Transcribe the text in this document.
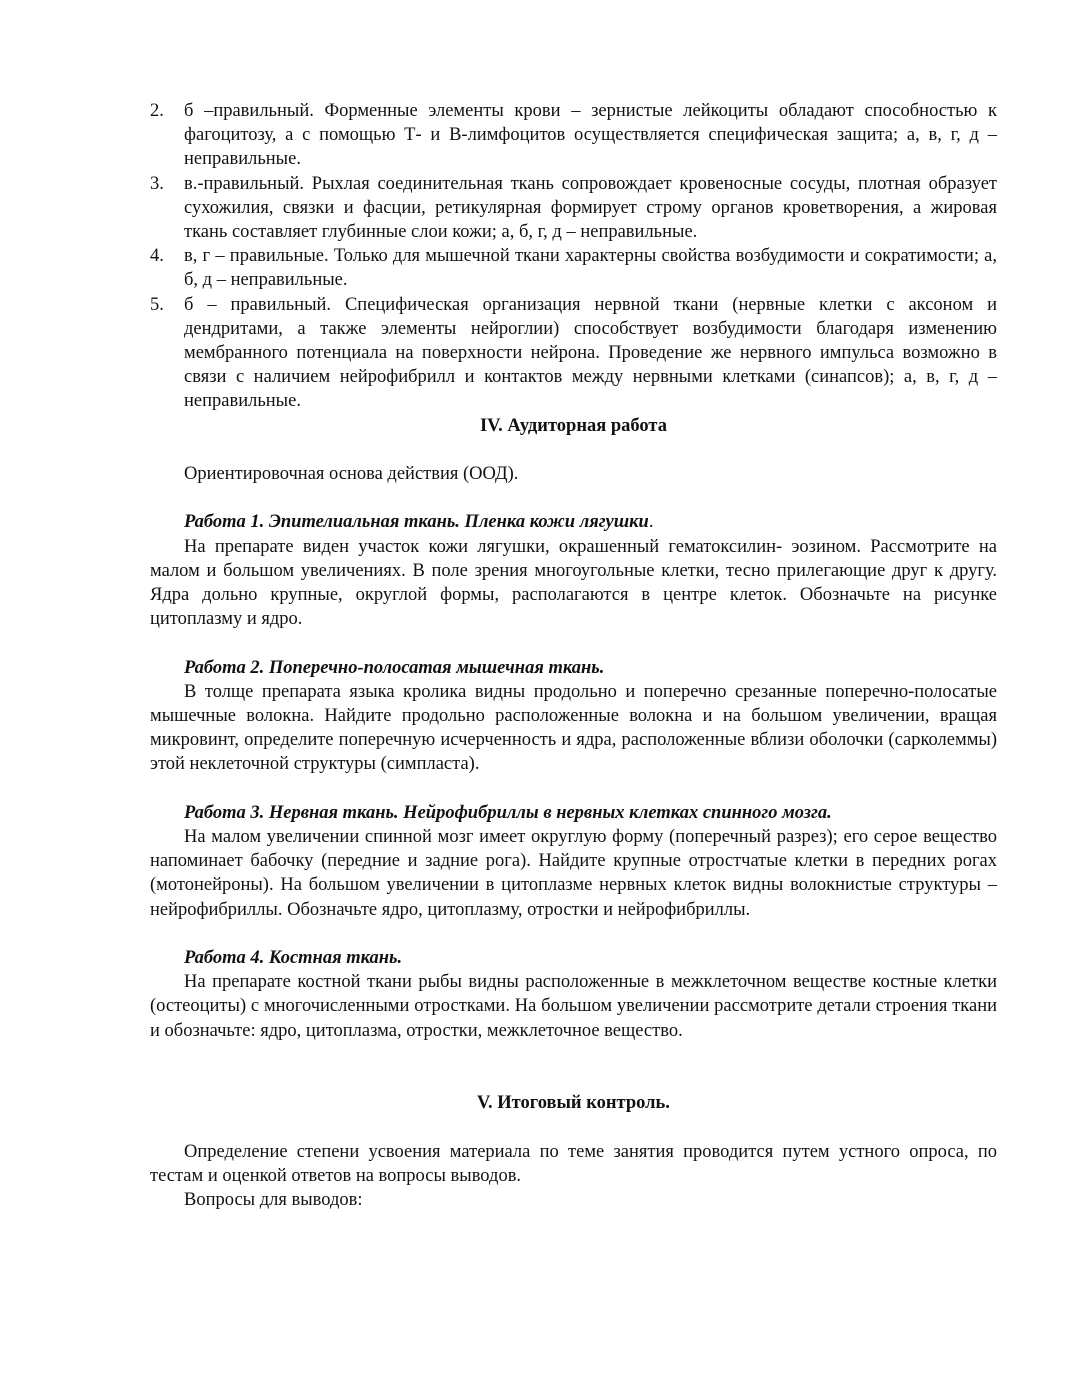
2.	б –правильный. Форменные элементы крови – зернистые лейкоциты обладают способностью к фагоцитозу, а с помощью Т- и В-лимфоцитов осуществляется специфическая защита; а, в, г, д – неправильные.

3.	в.-правильный. Рыхлая соединительная ткань сопровождает кровеносные сосуды, плотная образует сухожилия, связки и фасции, ретикулярная формирует строму органов кроветворения, а жировая ткань составляет глубинные слои кожи; а, б, г, д – неправильные.

4.	в, г – правильные. Только для мышечной ткани характерны свойства возбудимости и сократимости; а, б, д – неправильные.

5.	б – правильный. Специфическая организация нервной ткани (нервные клетки с аксоном и дендритами, а также элементы нейроглии) способствует возбудимости благодаря изменению мембранного потенциала на поверхности нейрона. Проведение же нервного импульса возможно в связи с наличием нейрофибрилл и контактов между нервными клетками (синапсов); а, в, г, д – неправильные.

IV. Аудиторная работа

Ориентировочная основа действия (ООД).

Работа 1. Эпителиальная ткань. Пленка кожи лягушки.

На препарате виден участок кожи лягушки, окрашенный гематоксилин- эозином. Рассмотрите на малом и большом увеличениях. В поле зрения многоугольные клетки, тесно прилегающие друг к другу. Ядра дольно крупные, округлой формы, располагаются в центре клеток. Обозначьте на рисунке цитоплазму и ядро.

Работа 2. Поперечно-полосатая мышечная ткань.

В толще препарата языка кролика видны продольно и поперечно срезанные поперечно-полосатые мышечные волокна. Найдите продольно расположенные волокна и на большом увеличении, вращая микровинт, определите поперечную исчерченность и ядра, расположенные вблизи оболочки (сарколеммы) этой неклеточной структуры (симпласта).

Работа 3. Нервная ткань. Нейрофибриллы в нервных клетках спинного мозга.

На малом увеличении спинной мозг имеет округлую форму (поперечный разрез); его серое вещество напоминает бабочку (передние и задние рога). Найдите крупные отростчатые клетки в передних рогах (мотонейроны). На большом увеличении в цитоплазме нервных клеток видны волокнистые структуры – нейрофибриллы. Обозначьте ядро, цитоплазму, отростки и нейрофибриллы.

Работа 4. Костная ткань.

На препарате костной ткани рыбы видны расположенные в межклеточном веществе костные клетки (остеоциты) с многочисленными отростками. На большом увеличении рассмотрите детали строения ткани и обозначьте: ядро, цитоплазма, отростки, межклеточное вещество.

V. Итоговый контроль.

Определение степени усвоения материала по теме занятия проводится путем устного опроса, по тестам и оценкой ответов на вопросы выводов.

Вопросы для выводов:
